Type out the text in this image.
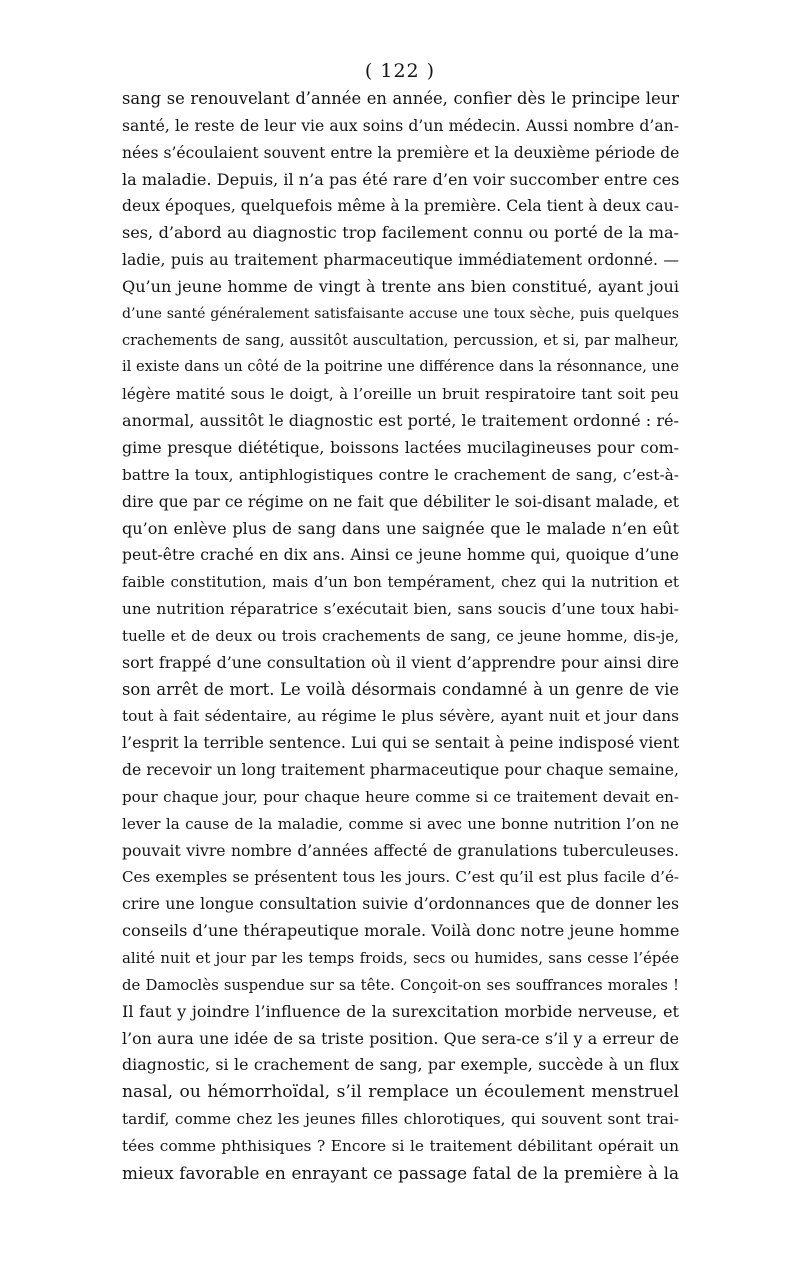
( 122 )
sang se renouvelant d’année en année, confier dès le principe leur
santé, le reste de leur vie aux soins d’un médecin. Aussi nombre d’an-
nées s’écoulaient souvent entre la première et la deuxième période de
la maladie. Depuis, il n’a pas été rare d’en voir succomber entre ces
deux époques, quelquefois même à la première. Cela tient à deux cau-
ses, d’abord au diagnostic trop facilement connu ou porté de la ma-
ladie, puis au traitement pharmaceutique immédiatement ordonné. —
Qu’un jeune homme de vingt à trente ans bien constitué, ayant joui
d’une santé généralement satisfaisante accuse une toux sèche, puis quelques
crachements de sang, aussitôt auscultation, percussion, et si, par malheur,
il existe dans un côté de la poitrine une différence dans la résonnance, une
légère matité sous le doigt, à l’oreille un bruit respiratoire tant soit peu
anormal, aussitôt le diagnostic est porté, le traitement ordonné : ré-
gime presque diététique, boissons lactées mucilagineuses pour com-
battre la toux, antiphlogistiques contre le crachement de sang, c’est-à-
dire que par ce régime on ne fait que débiliter le soi-disant malade, et
qu’on enlève plus de sang dans une saignée que le malade n’en eût
peut-être craché en dix ans. Ainsi ce jeune homme qui, quoique d’une
faible constitution, mais d’un bon tempérament, chez qui la nutrition et
une nutrition réparatrice s’exécutait bien, sans soucis d’une toux habi-
tuelle et de deux ou trois crachements de sang, ce jeune homme, dis-je,
sort frappé d’une consultation où il vient d’apprendre pour ainsi dire
son arrêt de mort. Le voilà désormais condamné à un genre de vie
tout à fait sédentaire, au régime le plus sévère, ayant nuit et jour dans
l’esprit la terrible sentence. Lui qui se sentait à peine indisposé vient
de recevoir un long traitement pharmaceutique pour chaque semaine,
pour chaque jour, pour chaque heure comme si ce traitement devait en-
lever la cause de la maladie, comme si avec une bonne nutrition l’on ne
pouvait vivre nombre d’années affecté de granulations tuberculeuses.
Ces exemples se présentent tous les jours. C’est qu’il est plus facile d’é-
crire une longue consultation suivie d’ordonnances que de donner les
conseils d’une thérapeutique morale. Voilà donc notre jeune homme
alité nuit et jour par les temps froids, secs ou humides, sans cesse l’épée
de Damoclès suspendue sur sa tête. Conçoit-on ses souffrances morales !
Il faut y joindre l’influence de la surexcitation morbide nerveuse, et
l’on aura une idée de sa triste position. Que sera-ce s’il y a erreur de
diagnostic, si le crachement de sang, par exemple, succède à un flux
nasal, ou hémorrhoïdal, s’il remplace un écoulement menstruel
tardif, comme chez les jeunes filles chlorotiques, qui souvent sont trai-
tées comme phthisiques ? Encore si le traitement débilitant opérait un
mieux favorable en enrayant ce passage fatal de la première à la
